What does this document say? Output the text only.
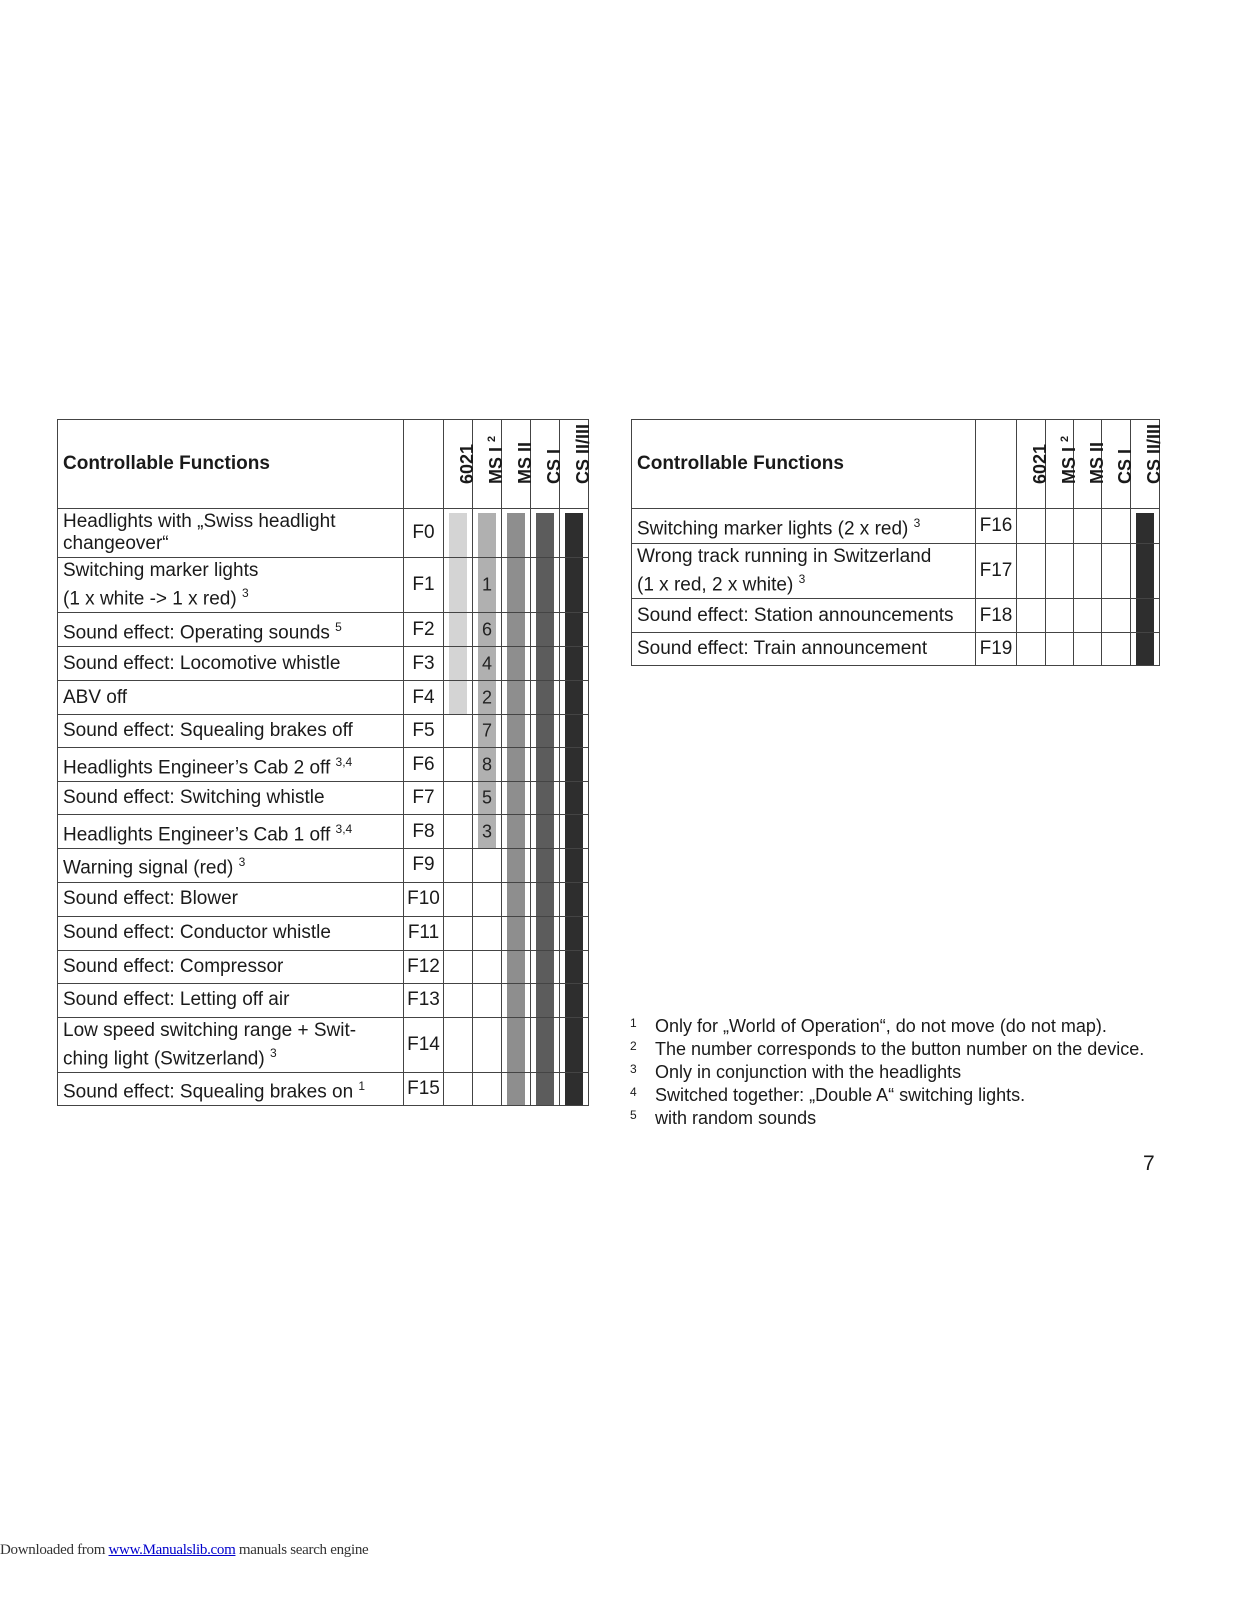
Controllable Functions		6021	MS I $^2$	MS II	CS I	CS II/III

Headlights with „Swiss headlight changeover“	F0	

Switching marker lights
(1 x white -> 1 x red) $^3$	F1		1			

Sound effect: Operating sounds $^5$	F2		6			

Sound effect: Locomotive whistle	F3		4			

ABV off	F4		2			

Sound effect: Squealing brakes off	F5		7			

Headlights Engineer’s Cab 2 off $^{3,4}$	F6		8			

Sound effect: Switching whistle	F7		5			

Headlights Engineer’s Cab 1 off $^{3,4}$	F8		3			

Warning signal (red) $^3$	F9			

Sound effect: Blower	F10			

Sound effect: Conductor whistle	F11			

Sound effect: Compressor	F12			

Sound effect: Letting off air	F13			

Low speed switching range + Swit-
ching light (Switzerland) $^3$	F14			

Sound effect: Squealing brakes on $^1$	F15			

Controllable Functions		6021	MS I $^2$	MS II	CS I	CS II/III

Switching marker lights (2 x red) $^3$	F16					

Wrong track running in Switzerland
(1 x red, 2 x white) $^3$	F17					

Sound effect: Station announcements	F18					

Sound effect: Train announcement	F19					
1	Only for „World of Operation“, do not move (do not map).
2	The number corresponds to the button number on the device.
3	Only in conjunction with the headlights
4	Switched together: „Double A“ switching lights.
5	with random sounds
7
Downloaded from www.Manualslib.com manuals search engine
